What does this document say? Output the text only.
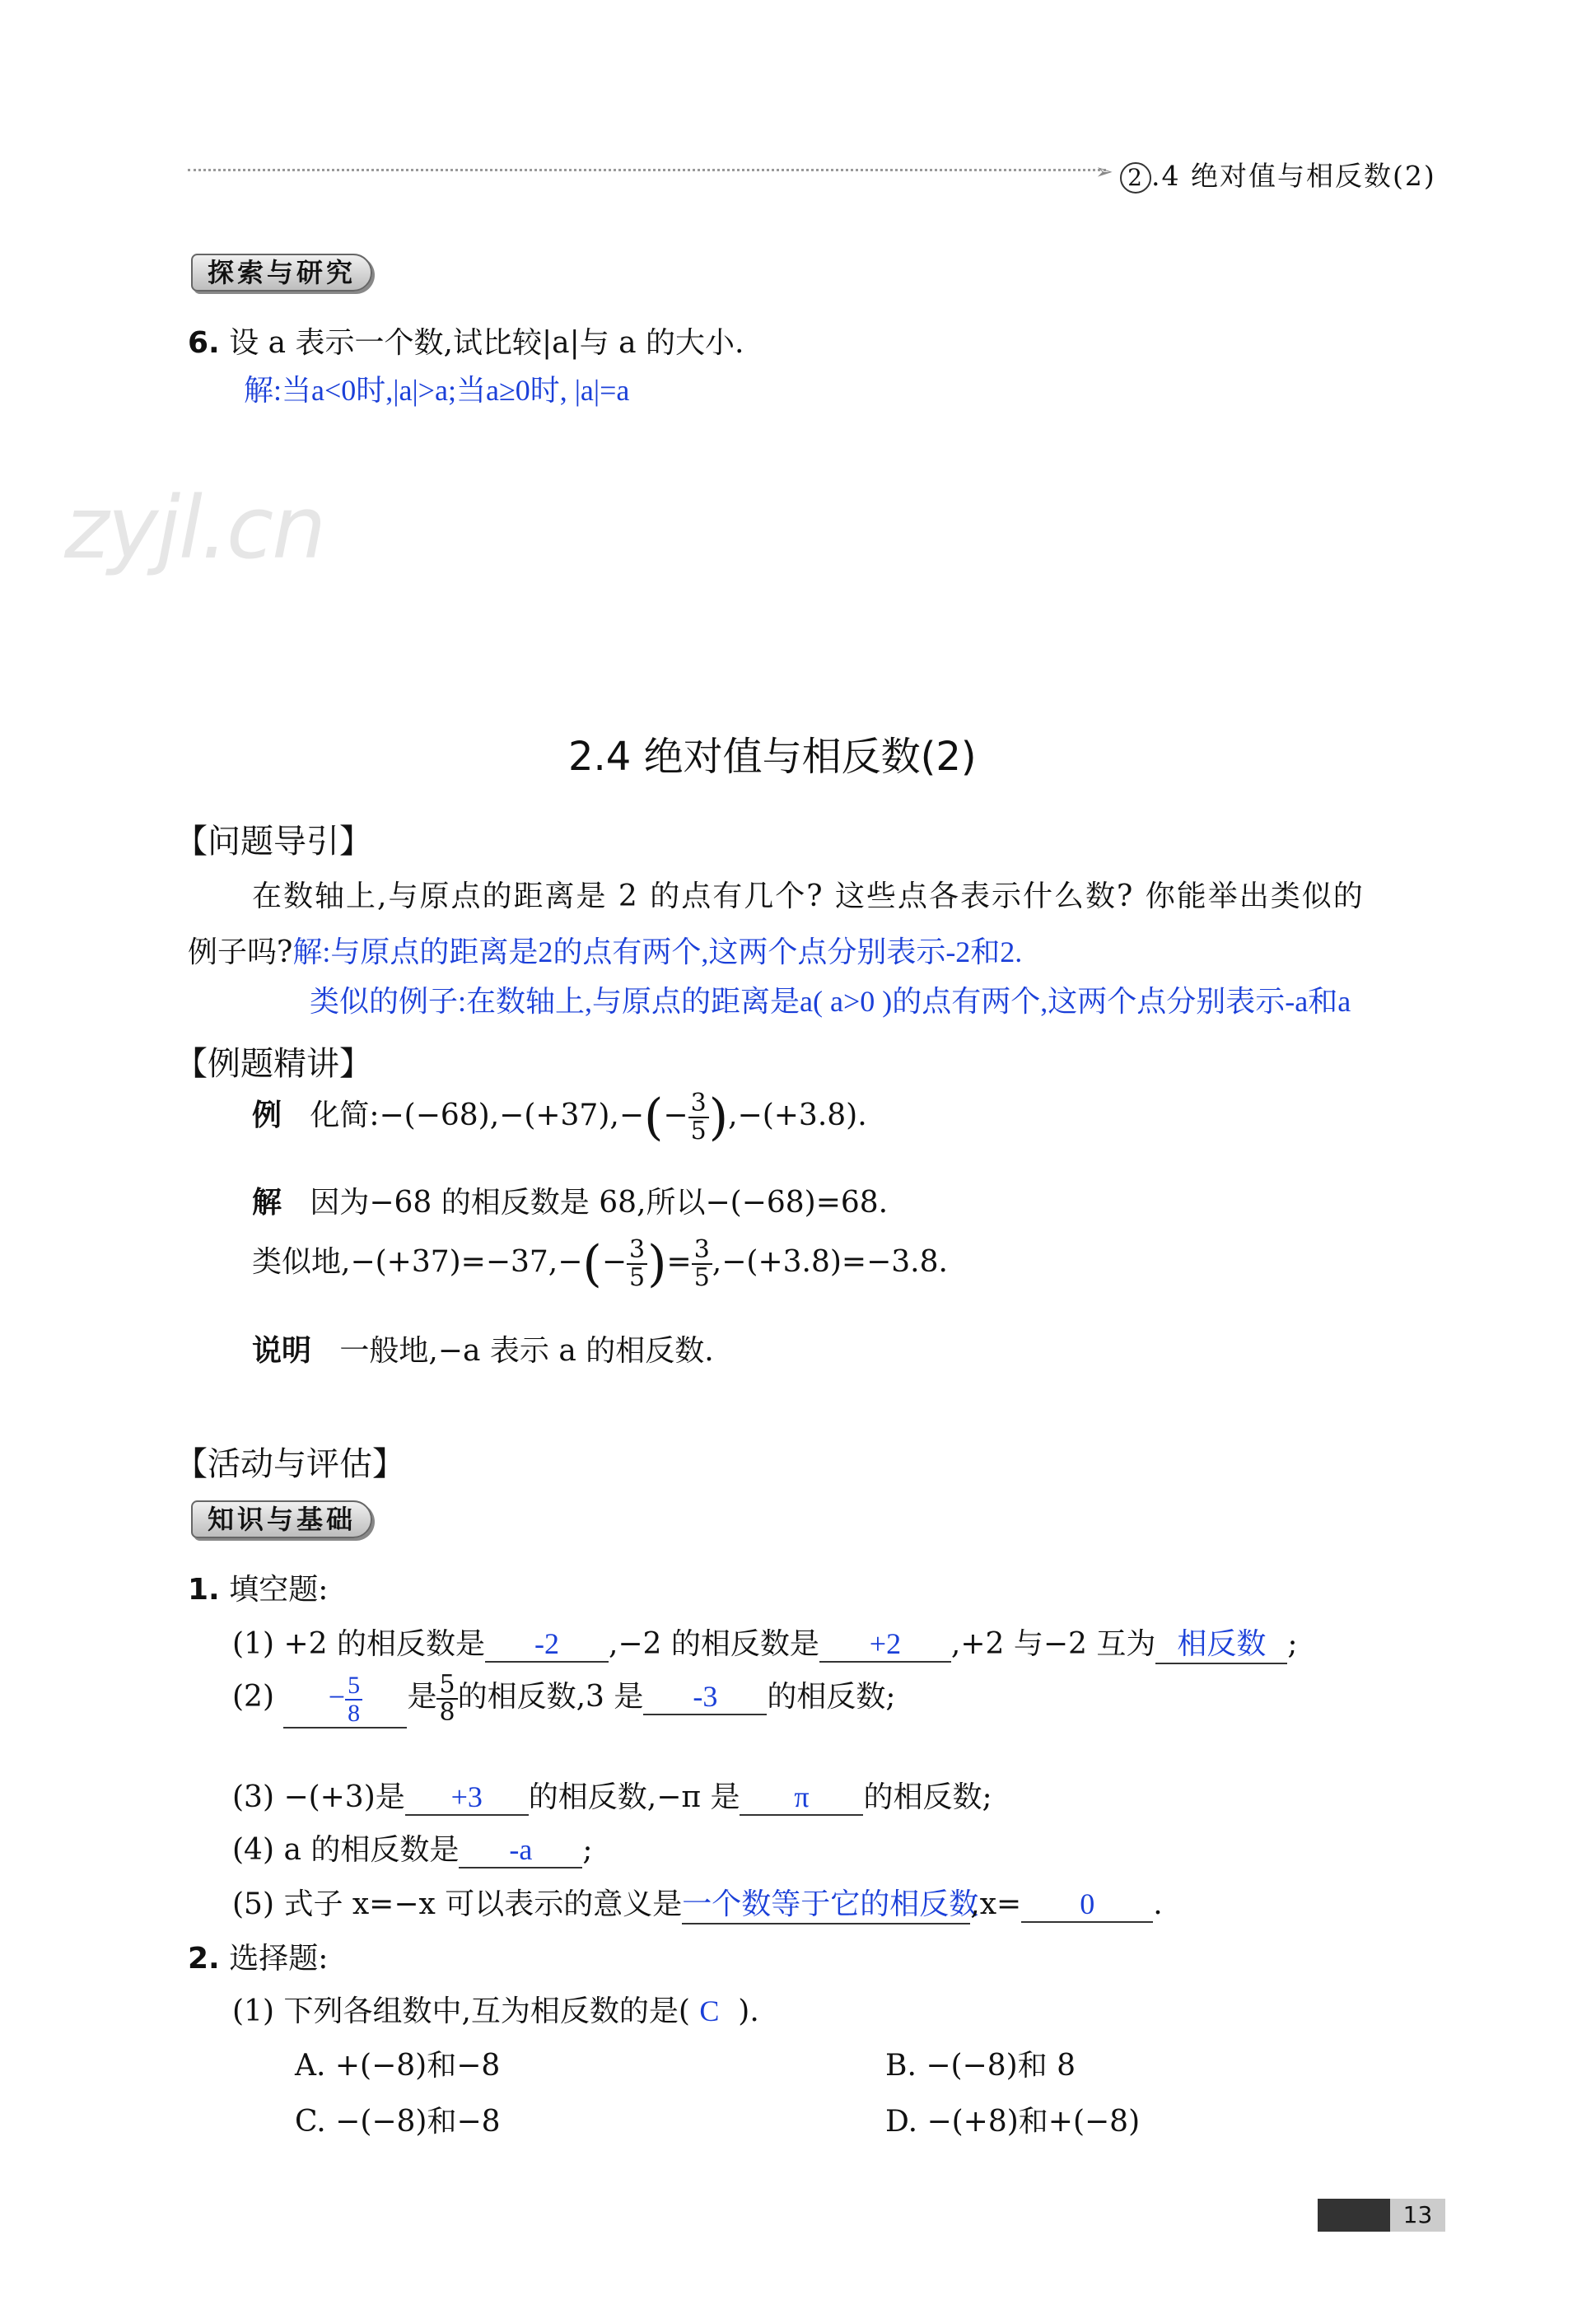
➢ 2 .4 绝对值与相反数(2)
zyjl.cn
探索与研究
6. 设 a 表示一个数,试比较|a|与 a 的大小.
解:当a<0时,|a|>a;当a≥0时, |a|=a
2.4 绝对值与相反数(2)
【问题导引】
在数轴上,与原点的距离是 2 的点有几个? 这些点各表示什么数? 你能举出类似的
例子吗?解:与原点的距离是2的点有两个,这两个点分别表示-2和2.
类似的例子:在数轴上,与原点的距离是a( a>0 )的点有两个,这两个点分别表示-a和a
【例题精讲】
例 化简:−(−68),−(+37),−(− $\frac{3}{5} ),-(+3.8)$.
解 因为−68 的相反数是 68,所以−(−68)=68.
类似地$,-(+37)=-37,-(- \frac{3}{5}$ )= $\frac{3}{5} ,-(+3.8)=-3.8$.
说明 一般地,−a 表示 a 的相反数.
【活动与评估】
知识与基础
1. 填空题:
(1) +2 的相反数是 -2 ,−2 的相反数是 +2 ,+2 与−2 互为 相反数 ;
$(2) - \frac{5}{8}$ 是 $\frac{5}{8}$ 的相反数,3 是 -3 的相反数;
(3) −(+3)是 +3 的相反数,−π 是 π 的相反数;
(4) a 的相反数是 -a ;
(5) 式子 x=−x 可以表示的意义是一个数等于它的相反数,x= 0 .
2. 选择题:
(1) 下列各组数中,互为相反数的是( C ).
A. +(−8)和−8	B. −(−8)和 8
C. −(−8)和−8	D. −(+8)和+(−8)
13
